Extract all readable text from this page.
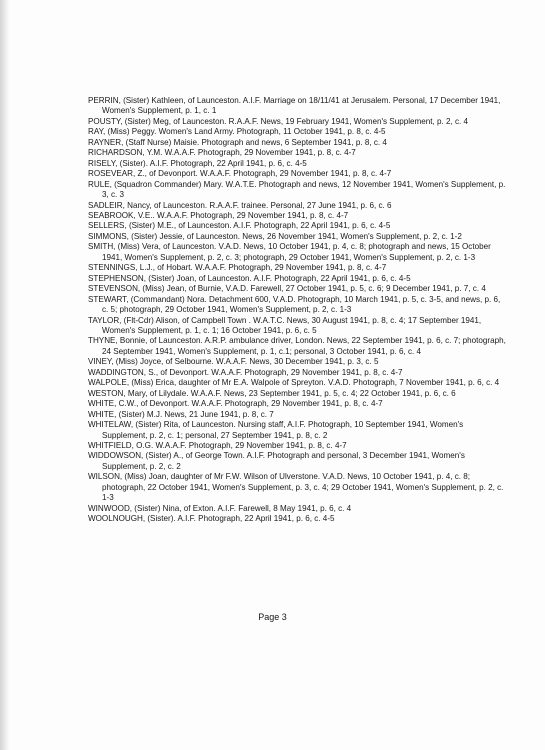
PERRIN, (Sister) Kathleen, of Launceston. A.I.F. Marriage on 18/11/41 at Jerusalem. Personal, 17 December 1941, Women's Supplement, p. 1, c. 1

POUSTY, (Sister) Meg, of Launceston. R.A.A.F. News, 19 February 1941, Women's Supplement, p. 2, c. 4

RAY, (Miss) Peggy. Women's Land Army. Photograph, 11 October 1941, p. 8, c. 4-5

RAYNER, (Staff Nurse) Maisie. Photograph and news, 6 September 1941, p. 8, c. 4

RICHARDSON, Y.M. W.A.A.F. Photograph, 29 November 1941, p. 8, c. 4-7

RISELY, (Sister). A.I.F. Photograph, 22 April 1941, p. 6, c. 4-5

ROSEVEAR, Z., of Devonport. W.A.A.F. Photograph, 29 November 1941, p. 8, c. 4-7

RULE, (Squadron Commander) Mary. W.A.T.E. Photograph and news, 12 November 1941, Women's Supplement, p. 3, c. 3

SADLEIR, Nancy, of Launceston. R.A.A.F. trainee. Personal, 27 June 1941, p. 6, c. 6

SEABROOK, V.E.. W.A.A.F. Photograph, 29 November 1941, p. 8, c. 4-7

SELLERS, (Sister) M.E., of Launceston. A.I.F. Photograph, 22 April 1941, p. 6, c. 4-5

SIMMONS, (Sister) Jessie, of Launceston. News, 26 November 1941, Women's Supplement, p. 2, c. 1-2

SMITH, (Miss) Vera, of Launceston. V.A.D. News, 10 October 1941, p. 4, c. 8; photograph and news, 15 October 1941, Women's Supplement, p. 2, c. 3; photograph, 29 October 1941, Women's Supplement, p. 2, c. 1-3

STENNINGS, L.J., of Hobart. W.A.A.F. Photograph, 29 November 1941, p. 8, c. 4-7

STEPHENSON, (Sister) Joan, of Launceston. A.I.F. Photograph, 22 April 1941, p. 6, c. 4-5

STEVENSON, (Miss) Jean, of Burnie, V.A.D. Farewell, 27 October 1941, p. 5, c. 6; 9 December 1941, p. 7, c. 4

STEWART, (Commandant) Nora. Detachment 600, V.A.D. Photograph, 10 March 1941, p. 5, c. 3-5, and news, p. 6, c. 5; photograph, 29 October 1941, Women's Supplement, p. 2, c. 1-3

TAYLOR, (Flt-Cdr) Alison, of Campbell Town . W.A.T.C. News, 30 August 1941, p. 8, c. 4; 17 September 1941, Women's Supplement, p. 1, c. 1; 16 October 1941, p. 6, c. 5

THYNE, Bonnie, of Launceston. A.R.P. ambulance driver, London. News, 22 September 1941, p. 6, c. 7; photograph, 24 September 1941, Women's Supplement, p. 1, c.1; personal, 3 October 1941, p. 6, c. 4

VINEY, (Miss) Joyce, of Selbourne. W.A.A.F. News, 30 December 1941, p. 3, c. 5

WADDINGTON, S., of Devonport. W.A.A.F. Photograph, 29 November 1941, p. 8, c. 4-7

WALPOLE, (Miss) Erica, daughter of Mr E.A. Walpole of Spreyton. V.A.D. Photograph, 7 November 1941, p. 6, c. 4

WESTON, Mary, of Lilydale. W.A.A.F. News, 23 September 1941, p. 5, c. 4; 22 October 1941, p. 6, c. 6

WHITE, C.W., of Devonport. W.A.A.F. Photograph, 29 November 1941, p. 8, c. 4-7

WHITE, (Sister) M.J. News, 21 June 1941, p. 8, c. 7

WHITELAW, (Sister) Rita, of Launceston. Nursing staff, A.I.F. Photograph, 10 September 1941, Women's Supplement, p. 2, c. 1; personal, 27 September 1941, p. 8, c. 2

WHITFIELD, O.G. W.A.A.F. Photograph, 29 November 1941, p. 8, c. 4-7

WIDDOWSON, (Sister) A., of George Town. A.I.F. Photograph and personal, 3 December 1941, Women's Supplement, p. 2, c. 2

WILSON, (Miss) Joan, daughter of Mr F.W. Wilson of Ulverstone. V.A.D. News, 10 October 1941, p. 4, c. 8; photograph, 22 October 1941, Women's Supplement, p. 3, c. 4; 29 October 1941, Women's Supplement, p. 2, c. 1-3

WINWOOD, (Sister) Nina, of Exton. A.I.F. Farewell, 8 May 1941, p. 6, c. 4

WOOLNOUGH, (Sister). A.I.F. Photograph, 22 April 1941, p. 6, c. 4-5

Page 3
